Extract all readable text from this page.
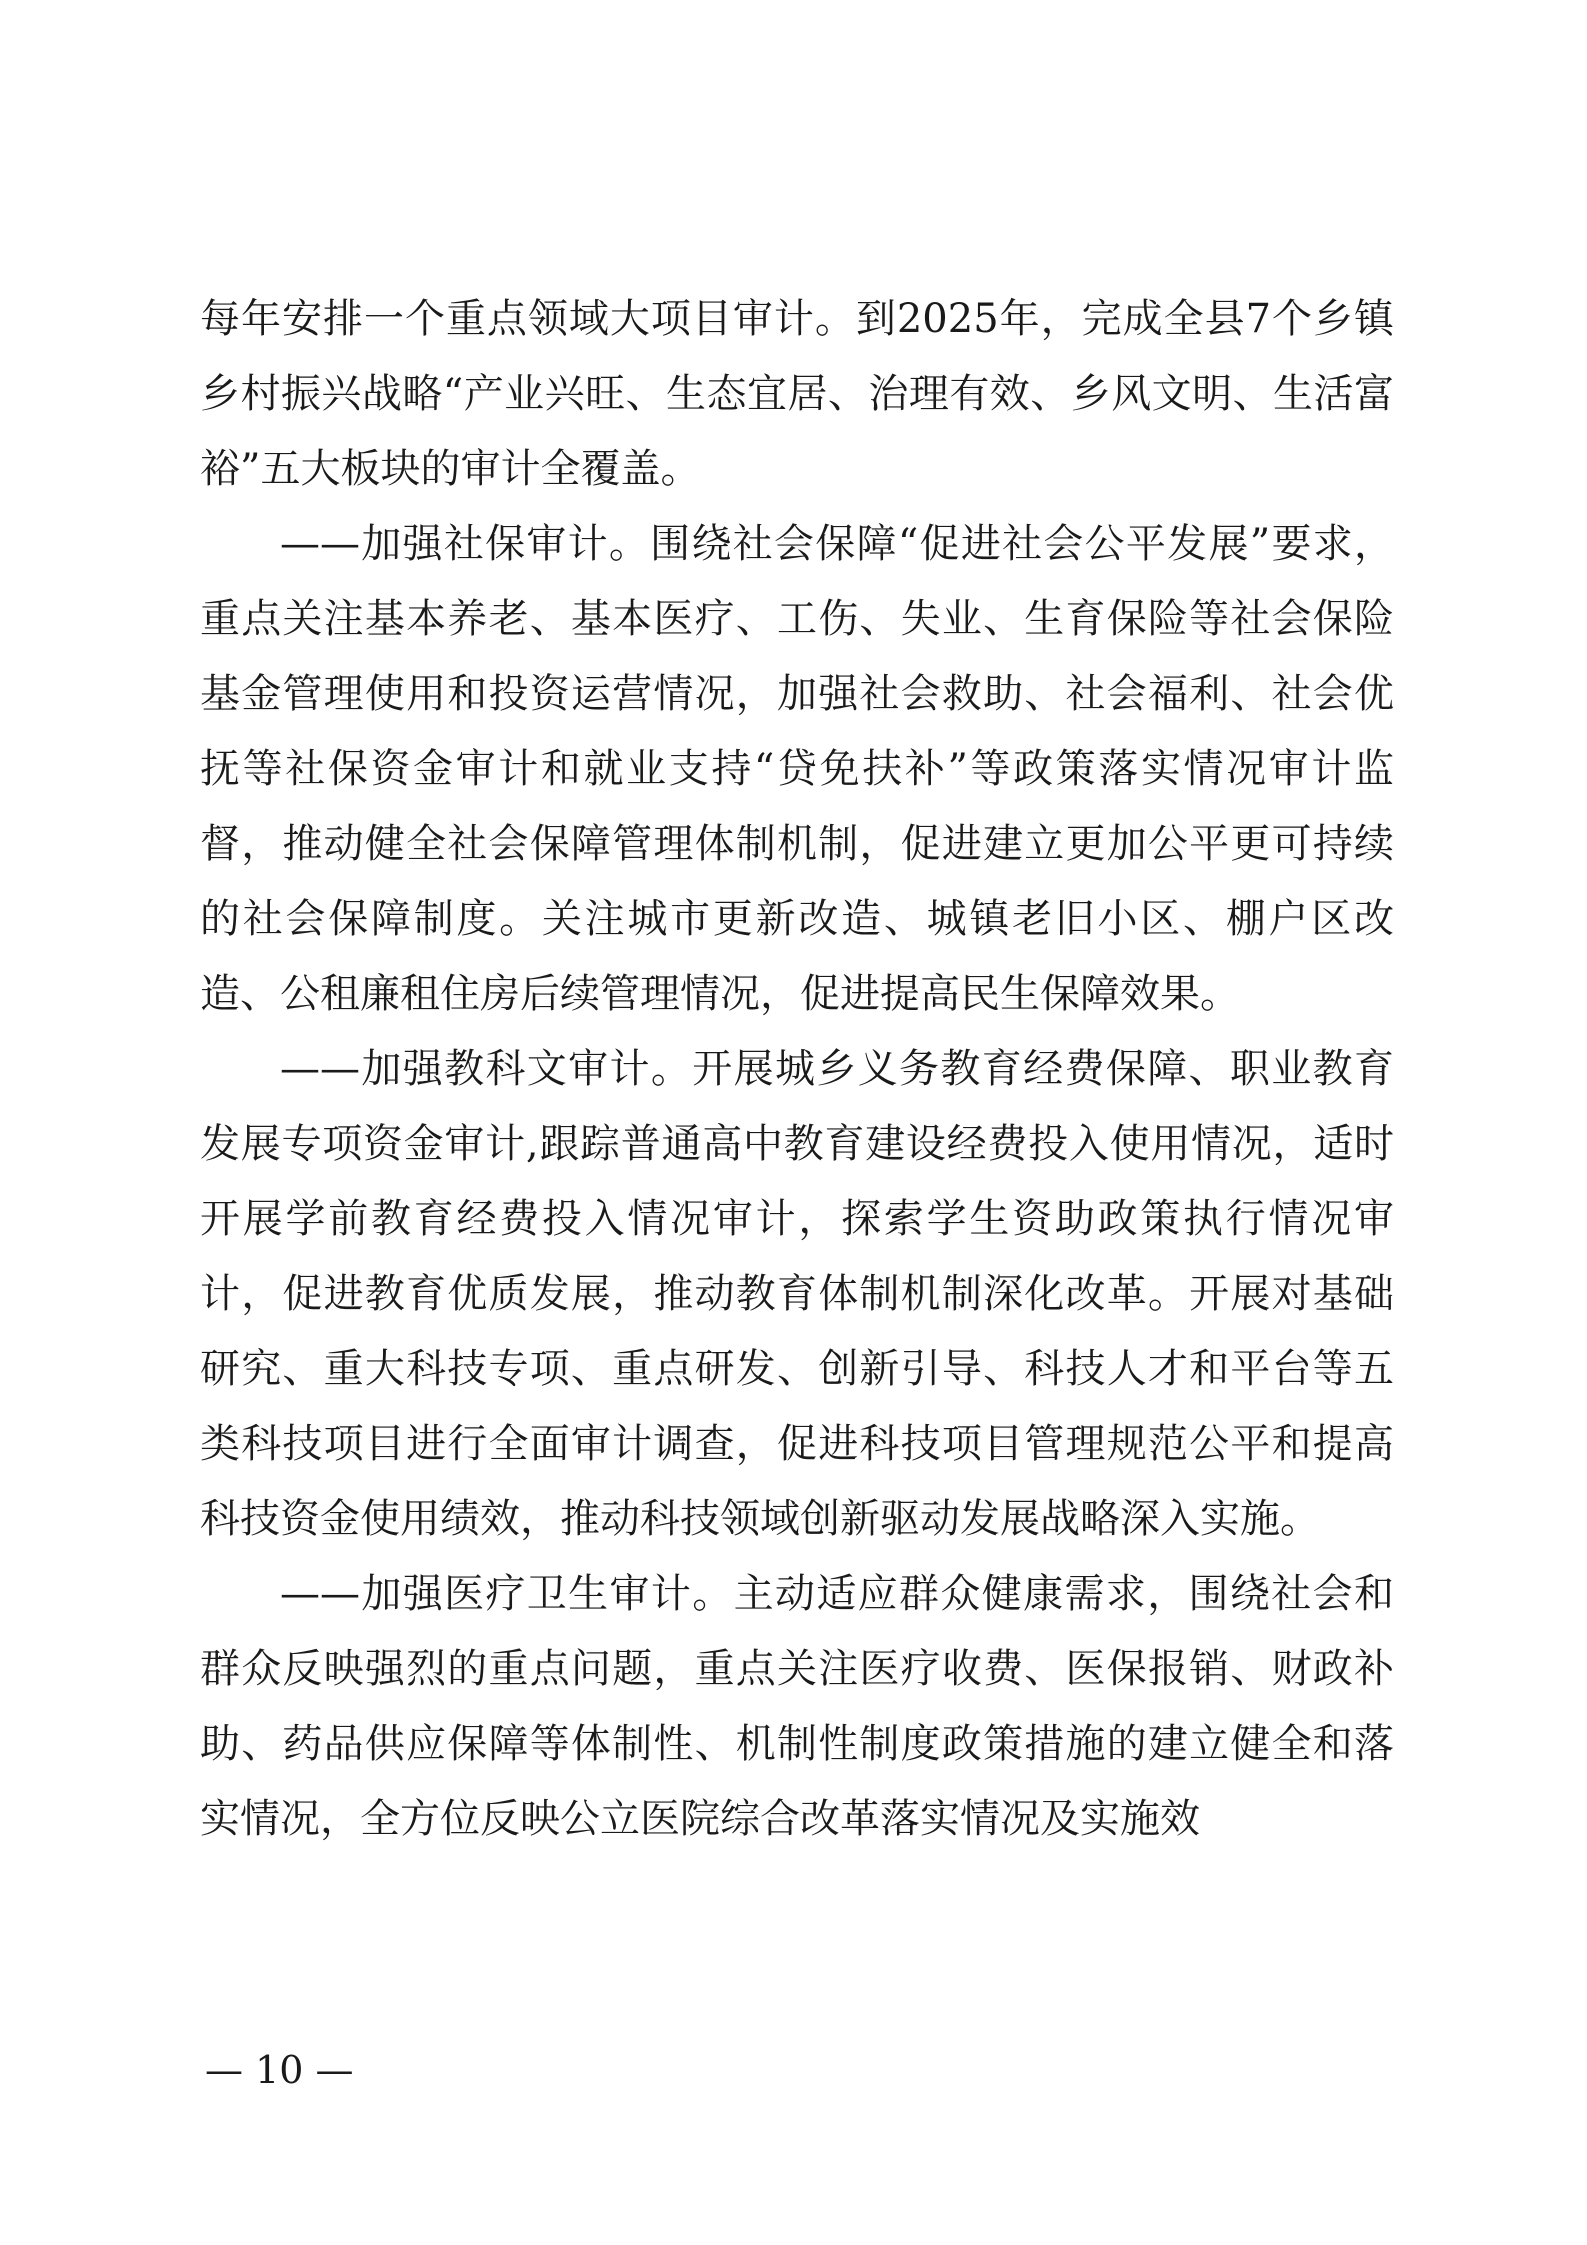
每年安排一个重点领域大项目审计。到2025年，完成全县7个乡镇乡村振兴战略“产业兴旺、生态宜居、治理有效、乡风文明、生活富裕”五大板块的审计全覆盖。

——加强社保审计。围绕社会保障“促进社会公平发展”要求，重点关注基本养老、基本医疗、工伤、失业、生育保险等社会保险基金管理使用和投资运营情况，加强社会救助、社会福利、社会优抚等社保资金审计和就业支持“贷免扶补”等政策落实情况审计监督，推动健全社会保障管理体制机制，促进建立更加公平更可持续的社会保障制度。关注城市更新改造、城镇老旧小区、棚户区改造、公租廉租住房后续管理情况，促进提高民生保障效果。

——加强教科文审计。开展城乡义务教育经费保障、职业教育发展专项资金审计,跟踪普通高中教育建设经费投入使用情况，适时开展学前教育经费投入情况审计，探索学生资助政策执行情况审计，促进教育优质发展，推动教育体制机制深化改革。开展对基础研究、重大科技专项、重点研发、创新引导、科技人才和平台等五类科技项目进行全面审计调查，促进科技项目管理规范公平和提高科技资金使用绩效，推动科技领域创新驱动发展战略深入实施。

——加强医疗卫生审计。主动适应群众健康需求，围绕社会和群众反映强烈的重点问题，重点关注医疗收费、医保报销、财政补助、药品供应保障等体制性、机制性制度政策措施的建立健全和落实情况，全方位反映公立医院综合改革落实情况及实施效

— 10 —
